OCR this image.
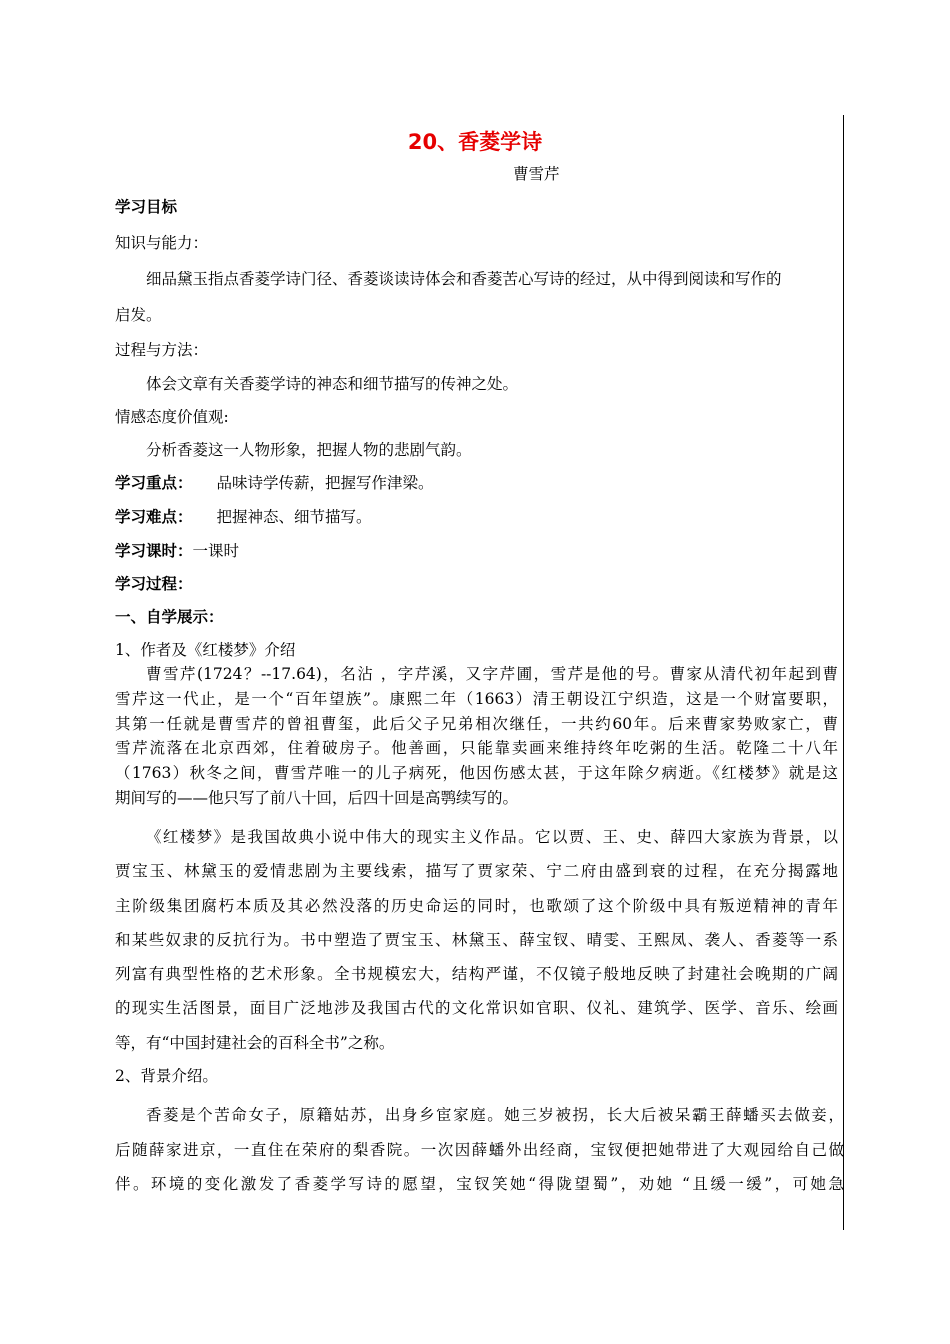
20、香菱学诗
曹雪芹
学习目标
知识与能力：
细品黛玉指点香菱学诗门径、香菱谈读诗体会和香菱苦心写诗的经过，从中得到阅读和写作的
启发。
过程与方法：
体会文章有关香菱学诗的神态和细节描写的传神之处。
情感态度价值观:
分析香菱这一人物形象，把握人物的悲剧气韵。
学习重点： 品味诗学传薪，把握写作津梁。
学习难点： 把握神态、细节描写。
学习课时：一课时
学习过程：
一、自学展示：
1、作者及《红楼梦》介绍
曹雪芹(1724？--17.64)，名沾 ，字芹溪，又字芹圃，雪芹是他的号。曹家从清代初年起到曹
雪芹这一代止，是一个“百年望族”。康熙二年（1663）清王朝设江宁织造，这是一个财富要职，
其第一任就是曹雪芹的曾祖曹玺，此后父子兄弟相次继任，一共约60年。后来曹家势败家亡，曹
雪芹流落在北京西郊，住着破房子。他善画，只能靠卖画来维持终年吃粥的生活。乾隆二十八年
（1763）秋冬之间，曹雪芹唯一的儿子病死，他因伤感太甚，于这年除夕病逝。《红楼梦》就是这
期间写的——他只写了前八十回，后四十回是高鹗续写的。
《红楼梦》是我国故典小说中伟大的现实主义作品。它以贾、王、史、薛四大家族为背景，以
贾宝玉、林黛玉的爱情悲剧为主要线索，描写了贾家荣、宁二府由盛到衰的过程，在充分揭露地
主阶级集团腐朽本质及其必然没落的历史命运的同时，也歌颂了这个阶级中具有叛逆精神的青年
和某些奴隶的反抗行为。书中塑造了贾宝玉、林黛玉、薛宝钗、晴雯、王熙凤、袭人、香菱等一系
列富有典型性格的艺术形象。全书规模宏大，结构严谨，不仅镜子般地反映了封建社会晚期的广阔
的现实生活图景，面目广泛地涉及我国古代的文化常识如官职、仪礼、建筑学、医学、音乐、绘画
等，有“中国封建社会的百科全书”之称。
2、背景介绍。
香菱是个苦命女子，原籍姑苏，出身乡宦家庭。她三岁被拐，长大后被呆霸王薛蟠买去做妾，
后随薛家进京，一直住在荣府的梨香院。一次因薛蟠外出经商，宝钗便把她带进了大观园给自己做
伴。环境的变化激发了香菱学写诗的愿望，宝钗笑她“得陇望蜀”，劝她 “且缓一缓”，可她急
